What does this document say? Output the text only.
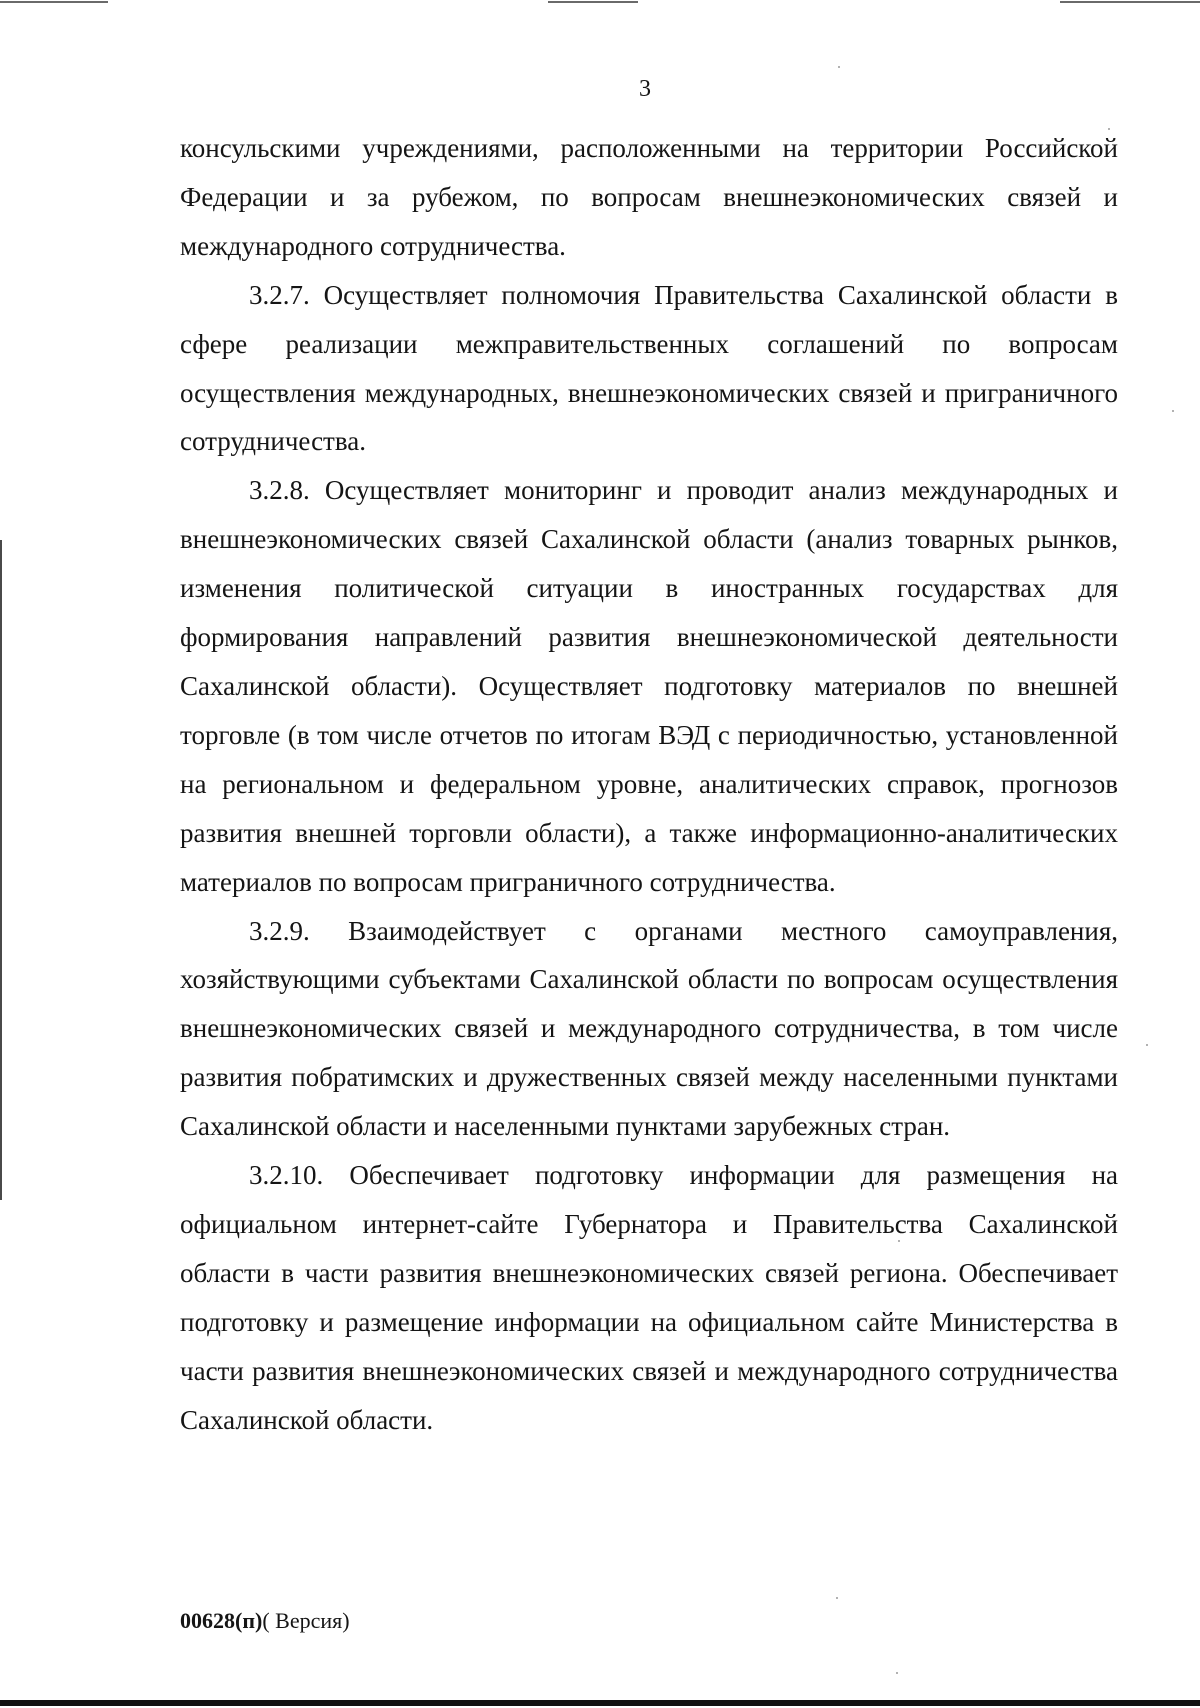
3

консульскими учреждениями, расположенными на территории Российской Федерации и за рубежом, по вопросам внешнеэкономических связей и международного сотрудничества.

3.2.7. Осуществляет полномочия Правительства Сахалинской области в сфере реализации межправительственных соглашений по вопросам осуществления международных, внешнеэкономических связей и приграничного сотрудничества.

3.2.8. Осуществляет мониторинг и проводит анализ международных и внешнеэкономических связей Сахалинской области (анализ товарных рынков, изменения политической ситуации в иностранных государствах для формирования направлений развития внешнеэкономической деятельности Сахалинской области). Осуществляет подготовку материалов по внешней торговле (в том числе отчетов по итогам ВЭД с периодичностью, установленной на региональном и федеральном уровне, аналитических справок, прогнозов развития внешней торговли области), а также информационно-аналитических материалов по вопросам приграничного сотрудничества.

3.2.9. Взаимодействует с органами местного самоуправления, хозяйствующими субъектами Сахалинской области по вопросам осуществления внешнеэкономических связей и международного сотрудничества, в том числе развития побратимских и дружественных связей между населенными пунктами Сахалинской области и населенными пунктами зарубежных стран.

3.2.10. Обеспечивает подготовку информации для размещения на официальном интернет-сайте Губернатора и Правительства Сахалинской области в части развития внешнеэкономических связей региона. Обеспечивает подготовку и размещение информации на официальном сайте Министерства в части развития внешнеэкономических связей и международного сотрудничества Сахалинской области.

00628(п)( Версия)
